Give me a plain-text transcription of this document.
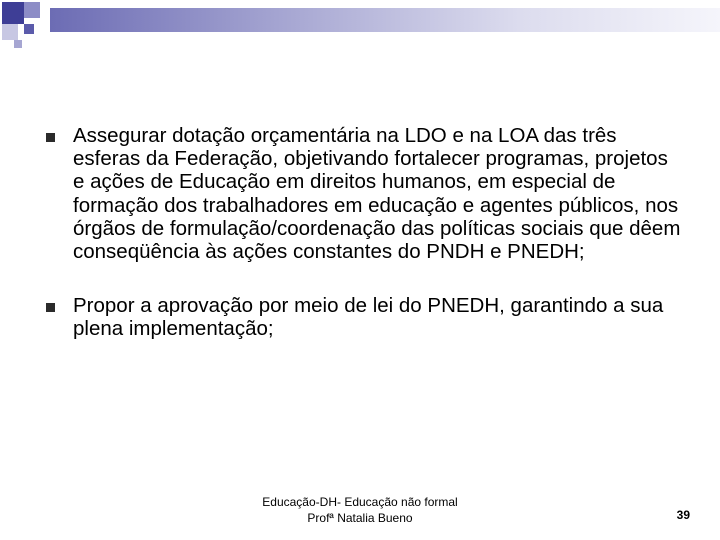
Assegurar dotação orçamentária na LDO e na LOA das três esferas da Federação, objetivando fortalecer programas, projetos e ações de Educação em direitos humanos, em especial de formação dos trabalhadores em educação e agentes públicos, nos órgãos de formulação/coordenação das políticas sociais que dêem conseqüência às ações constantes do PNDH e PNEDH;
Propor a aprovação por meio de lei do PNEDH, garantindo a sua plena implementação;
Educação-DH- Educação não formal
Profª Natalia Bueno	39
